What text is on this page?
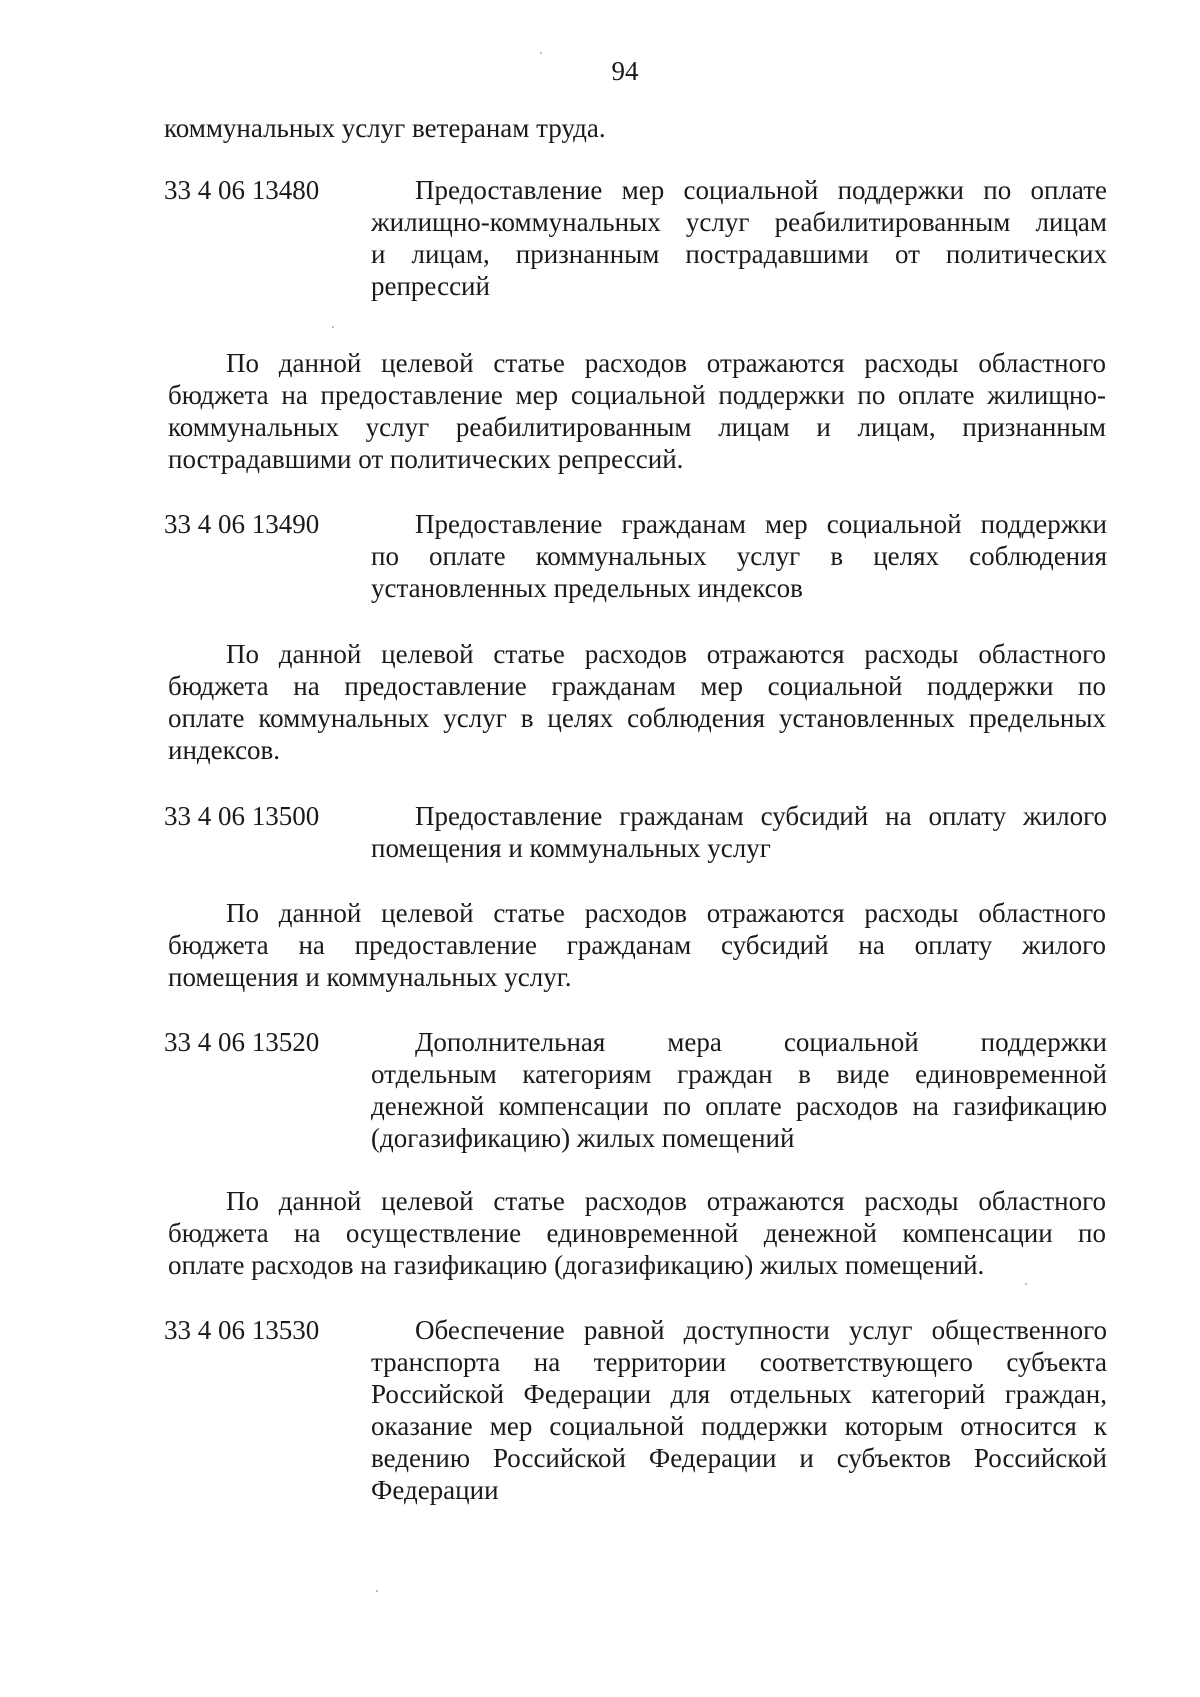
94
коммунальных услуг ветеранам труда.
33 4 06 13480	Предоставление мер социальной поддержки по оплате
жилищно-коммунальных услуг реабилитированным лицам
и лицам, признанным пострадавшими от политических
репрессий
По данной целевой статье расходов отражаются расходы областного
бюджета на предоставление мер социальной поддержки по оплате жилищно-
коммунальных услуг реабилитированным лицам и лицам, признанным
пострадавшими от политических репрессий.
33 4 06 13490	Предоставление гражданам мер социальной поддержки
по оплате коммунальных услуг в целях соблюдения
установленных предельных индексов
По данной целевой статье расходов отражаются расходы областного
бюджета на предоставление гражданам мер социальной поддержки по
оплате коммунальных услуг в целях соблюдения установленных предельных
индексов.
33 4 06 13500	Предоставление гражданам субсидий на оплату жилого
помещения и коммунальных услуг
По данной целевой статье расходов отражаются расходы областного
бюджета на предоставление гражданам субсидий на оплату жилого
помещения и коммунальных услуг.
33 4 06 13520	Дополнительная мера социальной поддержки
отдельным категориям граждан в виде единовременной
денежной компенсации по оплате расходов на газификацию
(догазификацию) жилых помещений
По данной целевой статье расходов отражаются расходы областного
бюджета на осуществление единовременной денежной компенсации по
оплате расходов на газификацию (догазификацию) жилых помещений.
33 4 06 13530	Обеспечение равной доступности услуг общественного
транспорта на территории соответствующего субъекта
Российской Федерации для отдельных категорий граждан,
оказание мер социальной поддержки которым относится к
ведению Российской Федерации и субъектов Российской
Федерации
